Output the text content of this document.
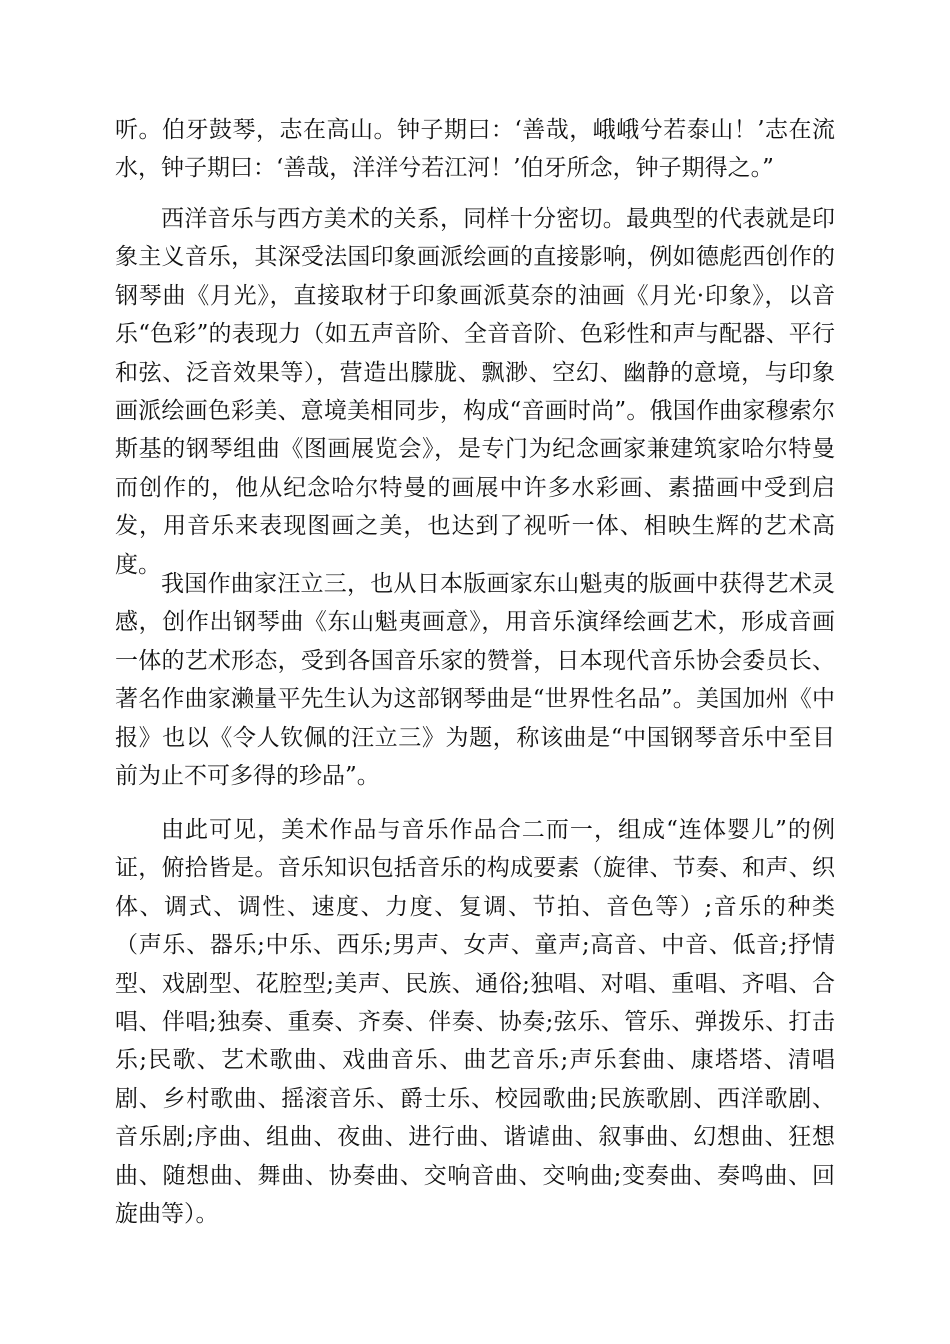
听。伯牙鼓琴，志在高山。钟子期曰：‘善哉，峨峨兮若泰山！’志在流水，钟子期曰：‘善哉，洋洋兮若江河！’伯牙所念，钟子期得之。”

西洋音乐与西方美术的关系，同样十分密切。最典型的代表就是印象主义音乐，其深受法国印象画派绘画的直接影响，例如德彪西创作的钢琴曲《月光》，直接取材于印象画派莫奈的油画《月光·印象》，以音乐“色彩”的表现力（如五声音阶、全音音阶、色彩性和声与配器、平行和弦、泛音效果等），营造出朦胧、飘渺、空幻、幽静的意境，与印象画派绘画色彩美、意境美相同步，构成“音画时尚”。俄国作曲家穆索尔斯基的钢琴组曲《图画展览会》，是专门为纪念画家兼建筑家哈尔特曼而创作的，他从纪念哈尔特曼的画展中许多水彩画、素描画中受到启发，用音乐来表现图画之美，也达到了视听一体、相映生辉的艺术高度。

我国作曲家汪立三，也从日本版画家东山魁夷的版画中获得艺术灵感，创作出钢琴曲《东山魁夷画意》，用音乐演绎绘画艺术，形成音画一体的艺术形态，受到各国音乐家的赞誉，日本现代音乐协会委员长、著名作曲家濑量平先生认为这部钢琴曲是“世界性名品”。美国加州《中报》也以《令人钦佩的汪立三》为题，称该曲是“中国钢琴音乐中至目前为止不可多得的珍品”。

由此可见，美术作品与音乐作品合二而一，组成“连体婴儿”的例证，俯拾皆是。音乐知识包括音乐的构成要素（旋律、节奏、和声、织体、调式、调性、速度、力度、复调、节拍、音色等）;音乐的种类（声乐、器乐;中乐、西乐;男声、女声、童声;高音、中音、低音;抒情型、戏剧型、花腔型;美声、民族、通俗;独唱、对唱、重唱、齐唱、合唱、伴唱;独奏、重奏、齐奏、伴奏、协奏;弦乐、管乐、弹拨乐、打击乐;民歌、艺术歌曲、戏曲音乐、曲艺音乐;声乐套曲、康塔塔、清唱剧、乡村歌曲、摇滚音乐、爵士乐、校园歌曲;民族歌剧、西洋歌剧、音乐剧;序曲、组曲、夜曲、进行曲、谐谑曲、叙事曲、幻想曲、狂想曲、随想曲、舞曲、协奏曲、交响音曲、交响曲;变奏曲、奏鸣曲、回旋曲等）。
